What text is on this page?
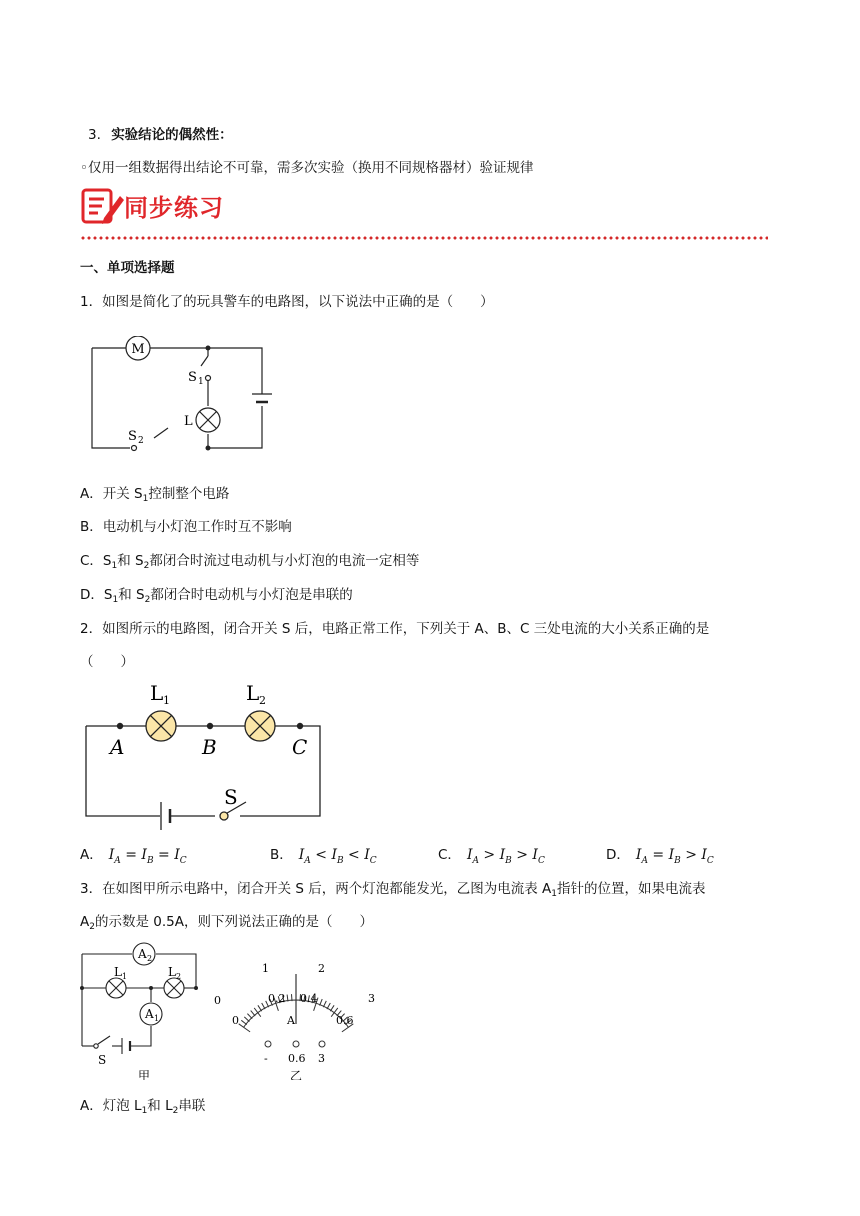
3. 实验结论的偶然性：
◦仅用一组数据得出结论不可靠，需多次实验（换用不同规格器材）验证规律
同步练习
一、单项选择题
1．如图是简化了的玩具警车的电路图，以下说法中正确的是（　　）
M
S 1
L
S 2
A．开关 $S_1$控制整个电路
B．电动机与小灯泡工作时互不影响
C．$S_1$和 $S_2$都闭合时流过电动机与小灯泡的电流一定相等
D．$S_1$和 $S_2$都闭合时电动机与小灯泡是串联的
2．如图所示的电路图，闭合开关 S 后，电路正常工作，下列关于 A、B、C 三处电流的大小关系正确的是
（　　）
L 1	L 2
A	B	C
S
A． $I_A = I_B = I_C$	B． $I_A < I_B < I_C$	C． $I_A > I_B > I_C$	D． $I_A = I_B > I_C$
3．在如图甲所示电路中，闭合开关 S 后，两个灯泡都能发光，乙图为电流表 $A_1$指针的位置，如果电流表
$A_2$的示数是 0.5A，则下列说法正确的是（　　）
A 2
L 1	L 2
A 1
S
甲
0
1	2
3
0
0.2 0.4
0.6
A
- 0.6 3
乙
A．灯泡 $L_1$和 $L_2$串联
